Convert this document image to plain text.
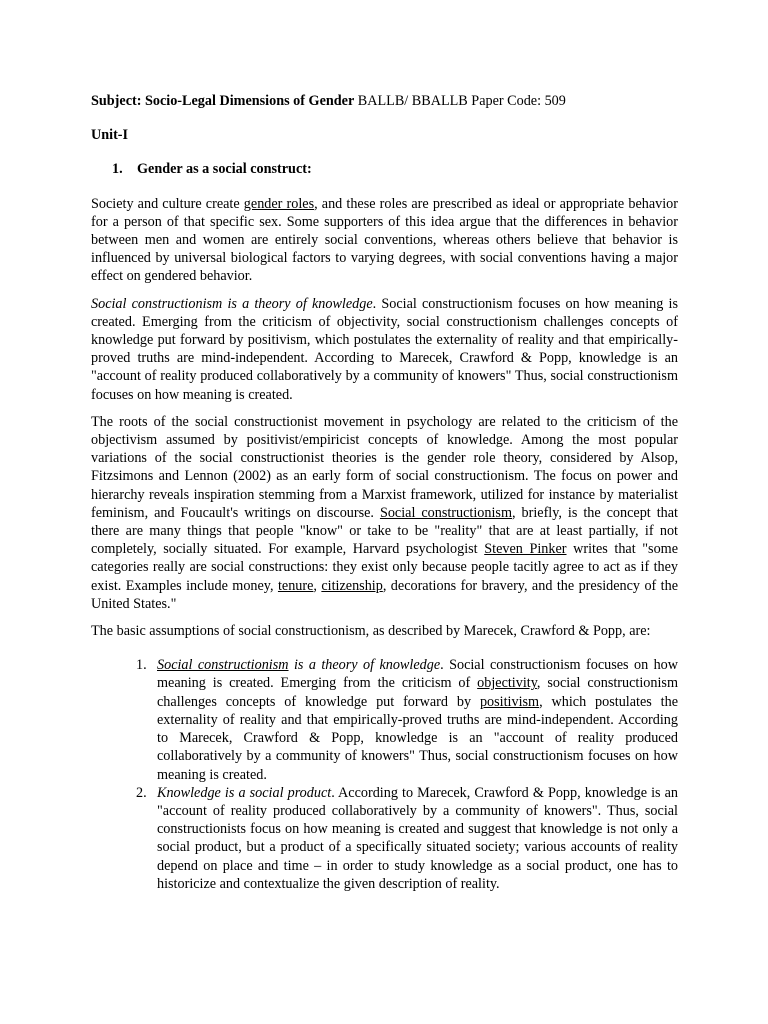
Subject: Socio-Legal Dimensions of Gender BALLB/ BBALLB Paper Code: 509
Unit-I
1. Gender as a social construct:

Society and culture create gender roles, and these roles are prescribed as ideal or appropriate behavior for a person of that specific sex. Some supporters of this idea argue that the differences in behavior between men and women are entirely social conventions, whereas others believe that behavior is influenced by universal biological factors to varying degrees, with social conventions having a major effect on gendered behavior.

Social constructionism is a theory of knowledge. Social constructionism focuses on how meaning is created. Emerging from the criticism of objectivity, social constructionism challenges concepts of knowledge put forward by positivism, which postulates the externality of reality and that empirically-proved truths are mind-independent. According to Marecek, Crawford & Popp, knowledge is an "account of reality produced collaboratively by a community of knowers" Thus, social constructionism focuses on how meaning is created.

The roots of the social constructionist movement in psychology are related to the criticism of the objectivism assumed by positivist/empiricist concepts of knowledge. Among the most popular variations of the social constructionist theories is the gender role theory, considered by Alsop, Fitzsimons and Lennon (2002) as an early form of social constructionism. The focus on power and hierarchy reveals inspiration stemming from a Marxist framework, utilized for instance by materialist feminism, and Foucault's writings on discourse. Social constructionism, briefly, is the concept that there are many things that people "know" or take to be "reality" that are at least partially, if not completely, socially situated. For example, Harvard psychologist Steven Pinker writes that "some categories really are social constructions: they exist only because people tacitly agree to act as if they exist. Examples include money, tenure, citizenship, decorations for bravery, and the presidency of the United States."

The basic assumptions of social constructionism, as described by Marecek, Crawford & Popp, are:

1. Social constructionism is a theory of knowledge. Social constructionism focuses on how meaning is created. Emerging from the criticism of objectivity, social constructionism challenges concepts of knowledge put forward by positivism, which postulates the externality of reality and that empirically-proved truths are mind-independent. According to Marecek, Crawford & Popp, knowledge is an "account of reality produced collaboratively by a community of knowers" Thus, social constructionism focuses on how meaning is created.
2. Knowledge is a social product. According to Marecek, Crawford & Popp, knowledge is an "account of reality produced collaboratively by a community of knowers". Thus, social constructionists focus on how meaning is created and suggest that knowledge is not only a social product, but a product of a specifically situated society; various accounts of reality depend on place and time – in order to study knowledge as a social product, one has to historicize and contextualize the given description of reality.
